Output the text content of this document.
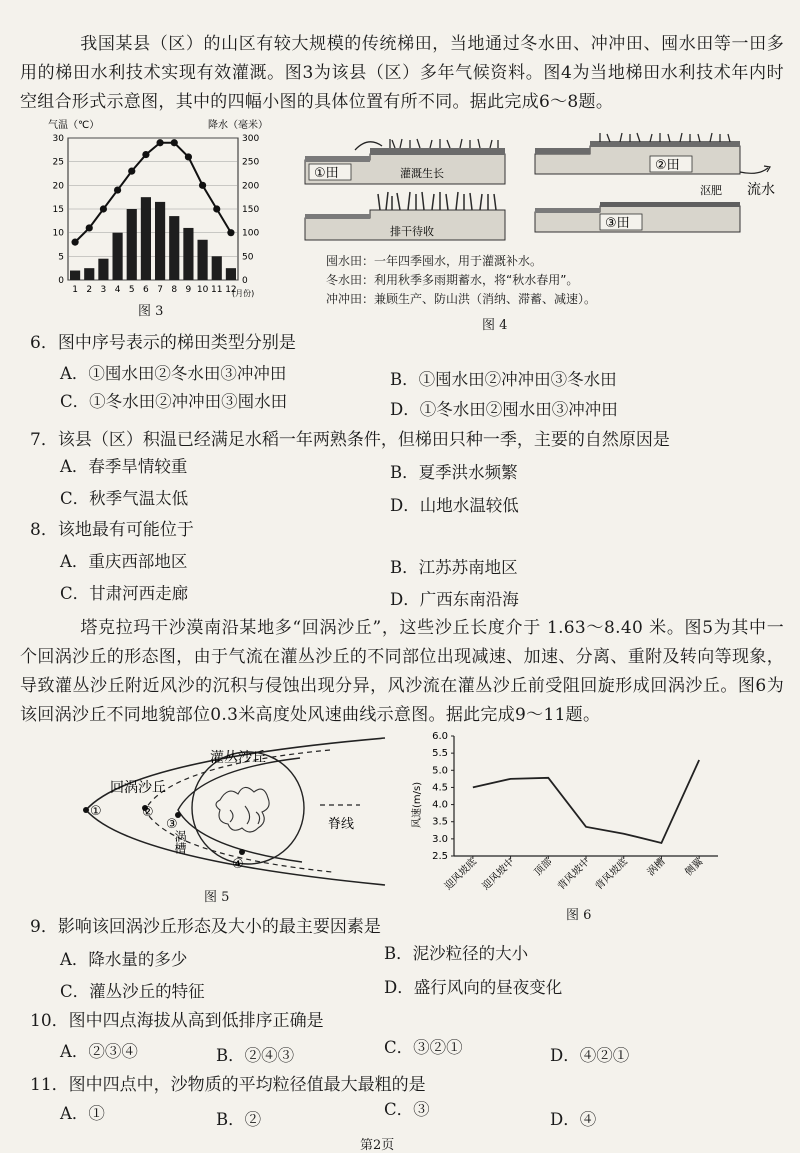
我国某县（区）的山区有较大规模的传统梯田，当地通过冬水田、冲冲田、囤水田等一田多用的梯田水利技术实现有效灌溉。图3为该县（区）多年气候资料。图4为当地梯田水利技术年内时空组合形式示意图，其中的四幅小图的具体位置有所不同。据此完成6～8题。
气温（℃）	降水（毫米）
0
5
10
15
20
25
30
0
50
100
150
200
250
300
1 2 3 4 5 6 7 8 9 10 11 12
(月份)
图 3
①田	灌溉生长
②田
流水
排干待收
沤肥
③田
囤水田：一年四季囤水，用于灌溉补水。
冬水田：利用秋季多雨期蓄水，将“秋水春用”。
冲冲田：兼顾生产、防山洪（消纳、滞蓄、减速）。
图 4
6．图中序号表示的梯田类型分别是
A．①囤水田②冬水田③冲冲田	B．①囤水田②冲冲田③冬水田
C．①冬水田②冲冲田③囤水田	D．①冬水田②囤水田③冲冲田
7．该县（区）积温已经满足水稻一年两熟条件，但梯田只种一季，主要的自然原因是
A．春季旱情较重	B．夏季洪水频繁
C．秋季气温太低	D．山地水温较低
8．该地最有可能位于
A．重庆西部地区	B．江苏苏南地区
C．甘肃河西走廊	D．广西东南沿海
塔克拉玛干沙漠南沿某地多“回涡沙丘”，这些沙丘长度介于 1.63～8.40 米。图5为其中一个回涡沙丘的形态图，由于气流在灌丛沙丘的不同部位出现减速、加速、分离、重附及转向等现象，导致灌丛沙丘附近风沙的沉积与侵蚀出现分异，风沙流在灌丛沙丘前受阻回旋形成回涡沙丘。图6为该回涡沙丘不同地貌部位0.3米高度处风速曲线示意图。据此完成9～11题。
灌丛沙丘
回涡沙丘
涡槽
①	②
③
④
脊线
图 5
风速(m/s)
2.5
3.0
3.5
4.0
4.5
5.0
5.5
6.0
迎风坡底 迎风坡中 顶部 背风坡中 背风坡底 涡槽 侧翼
图 6
9．影响该回涡沙丘形态及大小的最主要因素是
A．降水量的多少	B．泥沙粒径的大小
C．灌丛沙丘的特征	D．盛行风向的昼夜变化
10．图中四点海拔从高到低排序正确是
A．②③④	B．②④③	C．③②①	D．④②①
11．图中四点中，沙物质的平均粒径值最大最粗的是
A．①	B．②
C．③
D．④
第2页
